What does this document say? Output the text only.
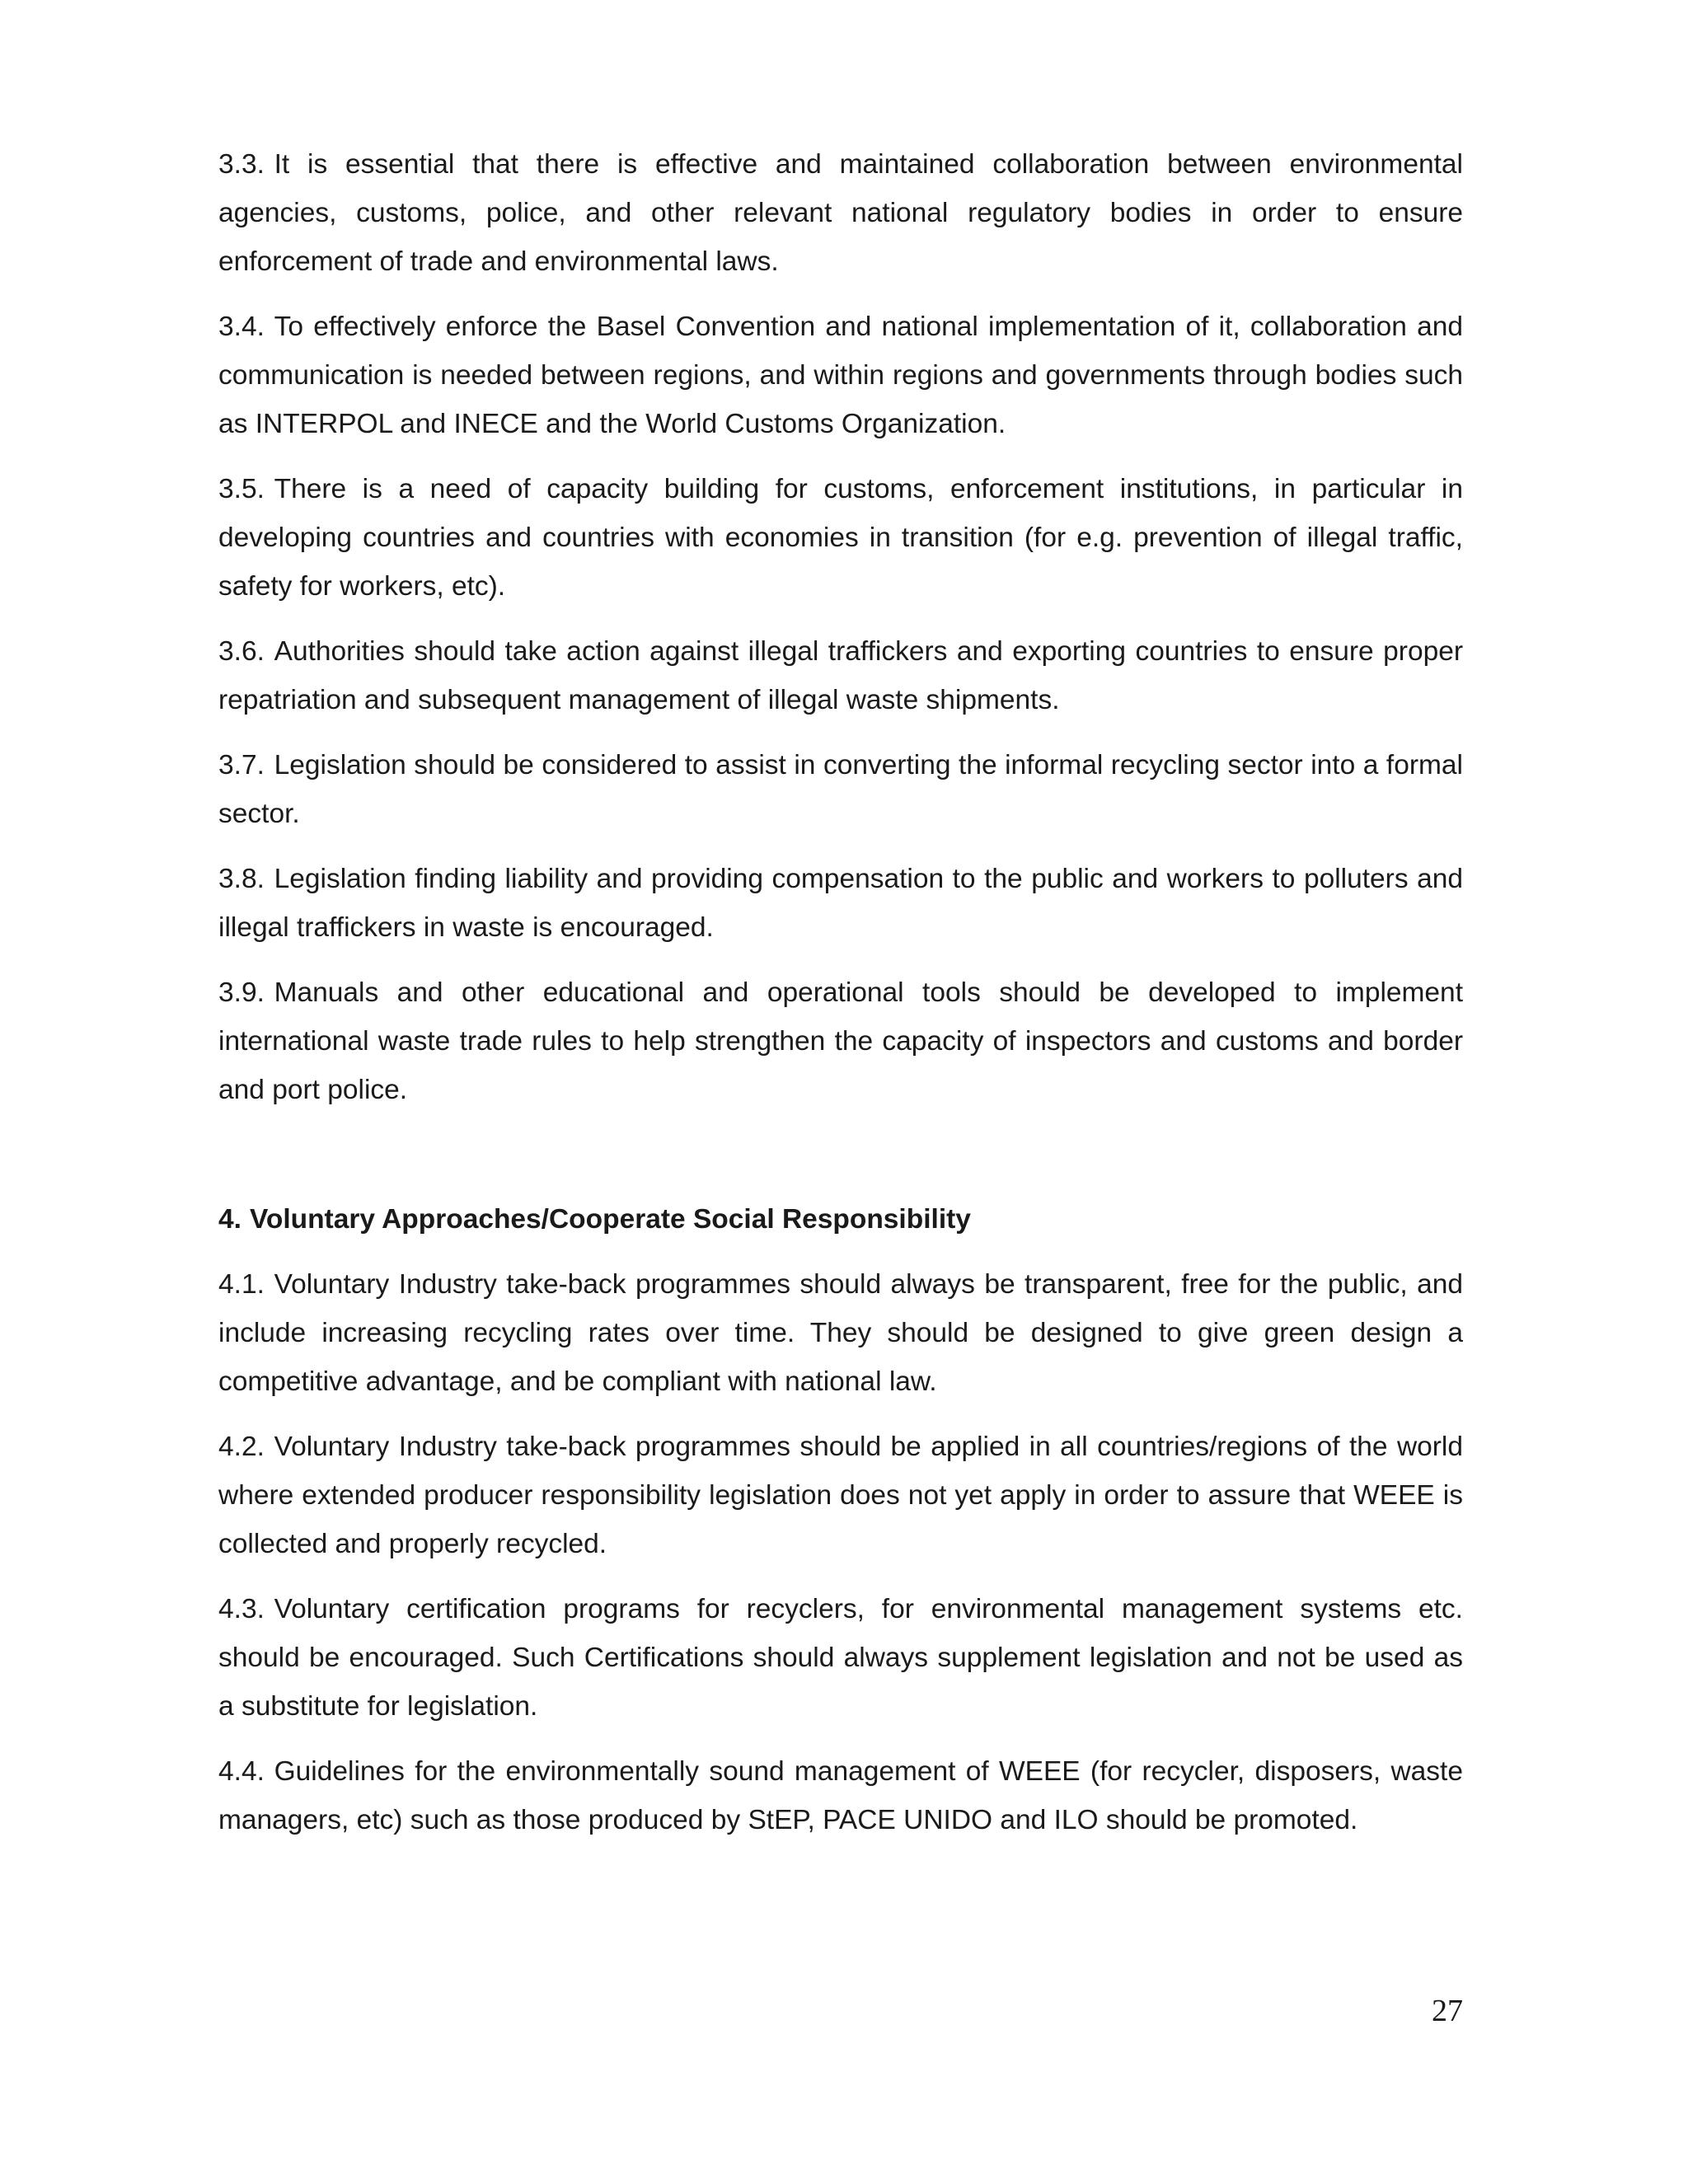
3.3. It is essential that there is effective and maintained collaboration between environmental agencies, customs, police, and other relevant national regulatory bodies in order to ensure enforcement of trade and environmental laws.

3.4. To effectively enforce the Basel Convention and national implementation of it, collaboration and communication is needed between regions, and within regions and governments through bodies such as INTERPOL and INECE and the World Customs Organization.

3.5. There is a need of capacity building for customs, enforcement institutions, in particular in developing countries and countries with economies in transition (for e.g. prevention of illegal traffic, safety for workers, etc).

3.6. Authorities should take action against illegal traffickers and exporting countries to ensure proper repatriation and subsequent management of illegal waste shipments.

3.7. Legislation should be considered to assist in converting the informal recycling sector into a formal sector.

3.8. Legislation finding liability and providing compensation to the public and workers to polluters and illegal traffickers in waste is encouraged.

3.9. Manuals and other educational and operational tools should be developed to implement international waste trade rules to help strengthen the capacity of inspectors and customs and border and port police.

4. Voluntary Approaches/Cooperate Social Responsibility

4.1. Voluntary Industry take-back programmes should always be transparent, free for the public, and include increasing recycling rates over time. They should be designed to give green design a competitive advantage, and be compliant with national law.

4.2. Voluntary Industry take-back programmes should be applied in all countries/regions of the world where extended producer responsibility legislation does not yet apply in order to assure that WEEE is collected and properly recycled.

4.3. Voluntary certification programs for recyclers, for environmental management systems etc. should be encouraged. Such Certifications should always supplement legislation and not be used as a substitute for legislation.

4.4. Guidelines for the environmentally sound management of WEEE (for recycler, disposers, waste managers, etc) such as those produced by StEP, PACE UNIDO and ILO should be promoted.

27
